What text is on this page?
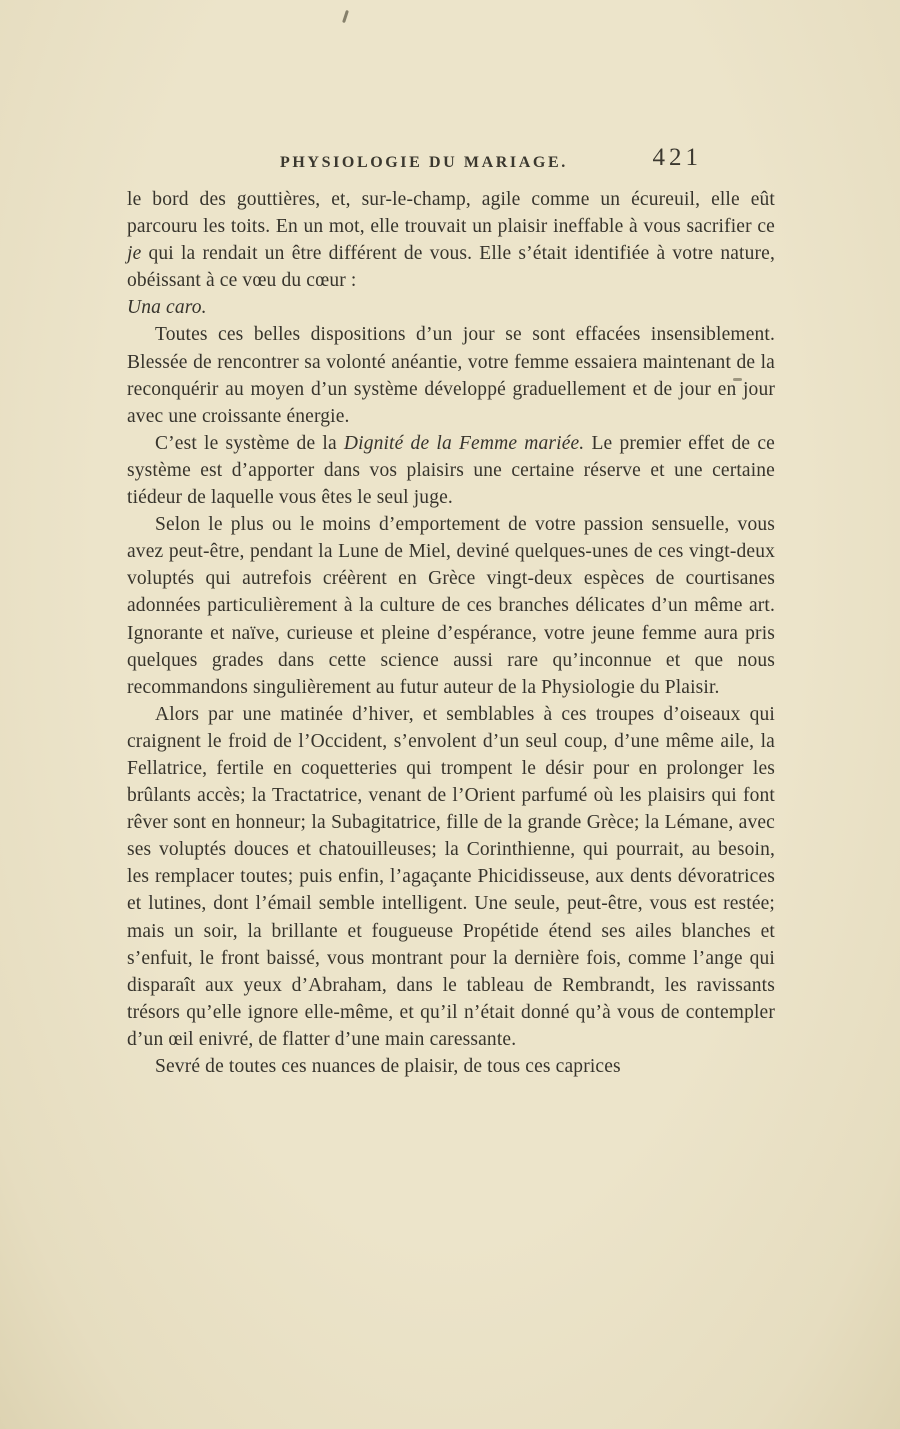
PHYSIOLOGIE DU MARIAGE.	421

le bord des gouttières, et, sur-le-champ, agile comme un écureuil, elle eût parcouru les toits. En un mot, elle trouvait un plaisir ineffable à vous sacrifier ce je qui la rendait un être différent de vous. Elle s’était identifiée à votre nature, obéissant à ce vœu du cœur :

Una caro.

Toutes ces belles dispositions d’un jour se sont effacées insensiblement. Blessée de rencontrer sa volonté anéantie, votre femme essaiera maintenant de la reconquérir au moyen d’un système développé graduellement et de jour en jour avec une croissante énergie.

C’est le système de la Dignité de la Femme mariée. Le premier effet de ce système est d’apporter dans vos plaisirs une certaine réserve et une certaine tiédeur de laquelle vous êtes le seul juge.

Selon le plus ou le moins d’emportement de votre passion sensuelle, vous avez peut-être, pendant la Lune de Miel, deviné quelques-unes de ces vingt-deux voluptés qui autrefois créèrent en Grèce vingt-deux espèces de courtisanes adonnées particulièrement à la culture de ces branches délicates d’un même art. Ignorante et naïve, curieuse et pleine d’espérance, votre jeune femme aura pris quelques grades dans cette science aussi rare qu’inconnue et que nous recommandons singulièrement au futur auteur de la Physiologie du Plaisir.

Alors par une matinée d’hiver, et semblables à ces troupes d’oiseaux qui craignent le froid de l’Occident, s’envolent d’un seul coup, d’une même aile, la Fellatrice, fertile en coquetteries qui trompent le désir pour en prolonger les brûlants accès; la Tractatrice, venant de l’Orient parfumé où les plaisirs qui font rêver sont en honneur; la Subagitatrice, fille de la grande Grèce; la Lémane, avec ses voluptés douces et chatouilleuses; la Corinthienne, qui pourrait, au besoin, les remplacer toutes; puis enfin, l’agaçante Phicidisseuse, aux dents dévoratrices et lutines, dont l’émail semble intelligent. Une seule, peut-être, vous est restée; mais un soir, la brillante et fougueuse Propétide étend ses ailes blanches et s’enfuit, le front baissé, vous montrant pour la dernière fois, comme l’ange qui disparaît aux yeux d’Abraham, dans le tableau de Rembrandt, les ravissants trésors qu’elle ignore elle-même, et qu’il n’était donné qu’à vous de contempler d’un œil enivré, de flatter d’une main caressante.

Sevré de toutes ces nuances de plaisir, de tous ces caprices
